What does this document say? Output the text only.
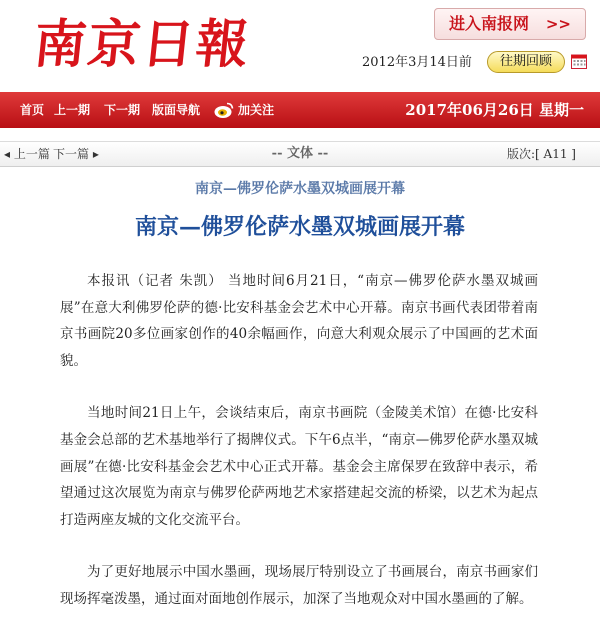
南京日報	进入南报网 >>
2012年3月14日前	往期回顾
首页 上一期 下一期 版面导航	加关注	2017年06月26日 星期一
◂ 上一篇 下一篇 ▸	-- 文体 --	版次:[ A11 ]
南京—佛罗伦萨水墨双城画展开幕
南京—佛罗伦萨水墨双城画展开幕

本报讯（记者 朱凯） 当地时间6月21日，“南京—佛罗伦萨水墨双城画展”在意大利佛罗伦萨的德·比安科基金会艺术中心开幕。南京书画代表团带着南京书画院20多位画家创作的40余幅画作，向意大利观众展示了中国画的艺术面貌。

当地时间21日上午，会谈结束后，南京书画院（金陵美术馆）在德·比安科基金会总部的艺术基地举行了揭牌仪式。下午6点半，“南京—佛罗伦萨水墨双城画展”在德·比安科基金会艺术中心正式开幕。基金会主席保罗在致辞中表示，希望通过这次展览为南京与佛罗伦萨两地艺术家搭建起交流的桥梁，以艺术为起点打造两座友城的文化交流平台。

为了更好地展示中国水墨画，现场展厅特别设立了书画展台，南京书画家们现场挥毫泼墨，通过面对面地创作展示，加深了当地观众对中国水墨画的了解。
